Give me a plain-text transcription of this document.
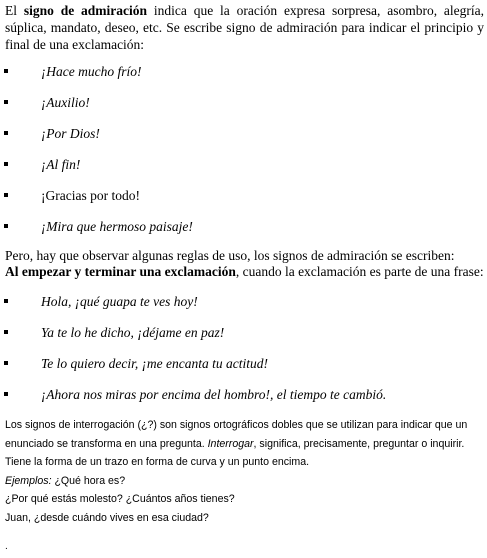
El signo de admiración indica que la oración expresa sorpresa, asombro, alegría, súplica, mandato, deseo, etc. Se escribe signo de admiración para indicar el principio y final de una exclamación:
¡Hace mucho frío!
¡Auxilio!
¡Por Dios!
¡Al fin!
¡Gracias por todo!
¡Mira que hermoso paisaje!
Pero, hay que observar algunas reglas de uso, los signos de admiración se escriben:
Al empezar y terminar una exclamación, cuando la exclamación es parte de una frase:
Hola, ¡qué guapa te ves hoy!
Ya te lo he dicho, ¡déjame en paz!
Te lo quiero decir, ¡me encanta tu actitud!
¡Ahora nos miras por encima del hombro!, el tiempo te cambió.

Los signos de interrogación (¿?) son signos ortográficos dobles que se utilizan para indicar que un enunciado se transforma en una pregunta. Interrogar, significa, precisamente, preguntar o inquirir. Tiene la forma de un trazo en forma de curva y un punto encima.

Ejemplos: ¿Qué hora es?

¿Por qué estás molesto? ¿Cuántos años tienes?

Juan, ¿desde cuándo vives en esa ciudad?

.
